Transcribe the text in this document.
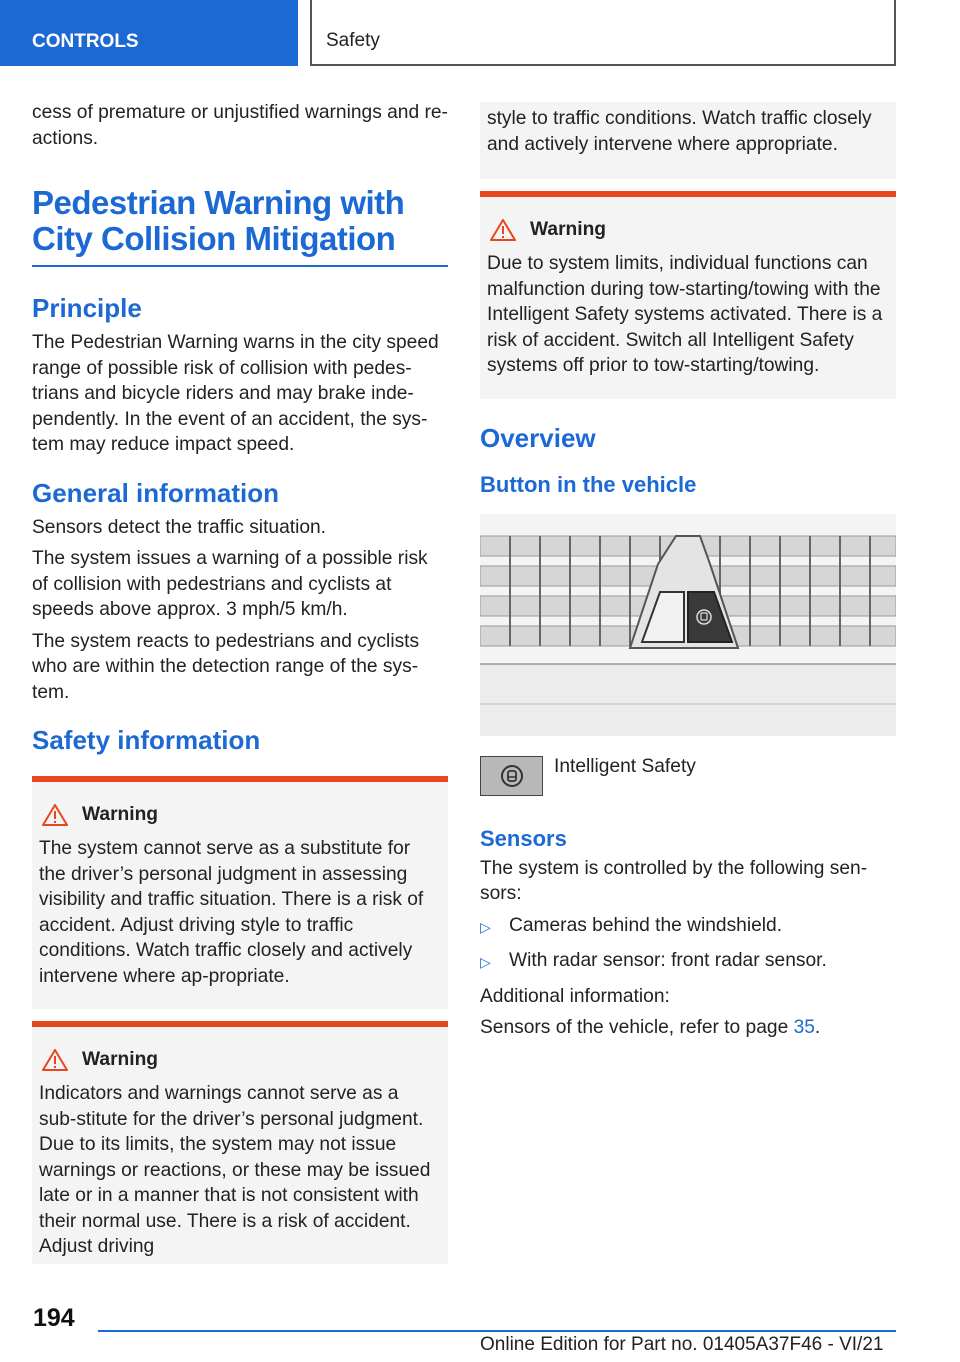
CONTROLS	Safety

cess of premature or unjustified warnings and re‐actions.

Pedestrian Warning with City Collision Mitigation
Principle

The Pedestrian Warning warns in the city speed range of possible risk of collision with pedes‐trians and bicycle riders and may brake inde‐pendently. In the event of an accident, the sys‐tem may reduce impact speed.

General information

Sensors detect the traffic situation.

The system issues a warning of a possible risk of collision with pedestrians and cyclists at speeds above approx. 3 mph/5 km/h.

The system reacts to pedestrians and cyclists who are within the detection range of the sys‐tem.

Safety information
Warning
The system cannot serve as a substitute for the driver’s personal judgment in assessing visibility and traffic situation. There is a risk of accident. Adjust driving style to traffic conditions. Watch traffic closely and actively intervene where ap‐propriate.
Warning
Indicators and warnings cannot serve as a sub‐stitute for the driver’s personal judgment. Due to its limits, the system may not issue warnings or reactions, or these may be issued late or in a manner that is not consistent with their normal use. There is a risk of accident. Adjust driving
style to traffic conditions. Watch traffic closely and actively intervene where appropriate.
Warning
Due to system limits, individual functions can malfunction during tow-starting/towing with the Intelligent Safety systems activated. There is a risk of accident. Switch all Intelligent Safety systems off prior to tow-starting/towing.
Overview
Button in the vehicle
Intelligent Safety
Sensors

The system is controlled by the following sen‐sors:

▷ Cameras behind the windshield.
▷ With radar sensor: front radar sensor.

Additional information:

Sensors of the vehicle, refer to page 35.

194
Online Edition for Part no. 01405A37F46 - VI/21
